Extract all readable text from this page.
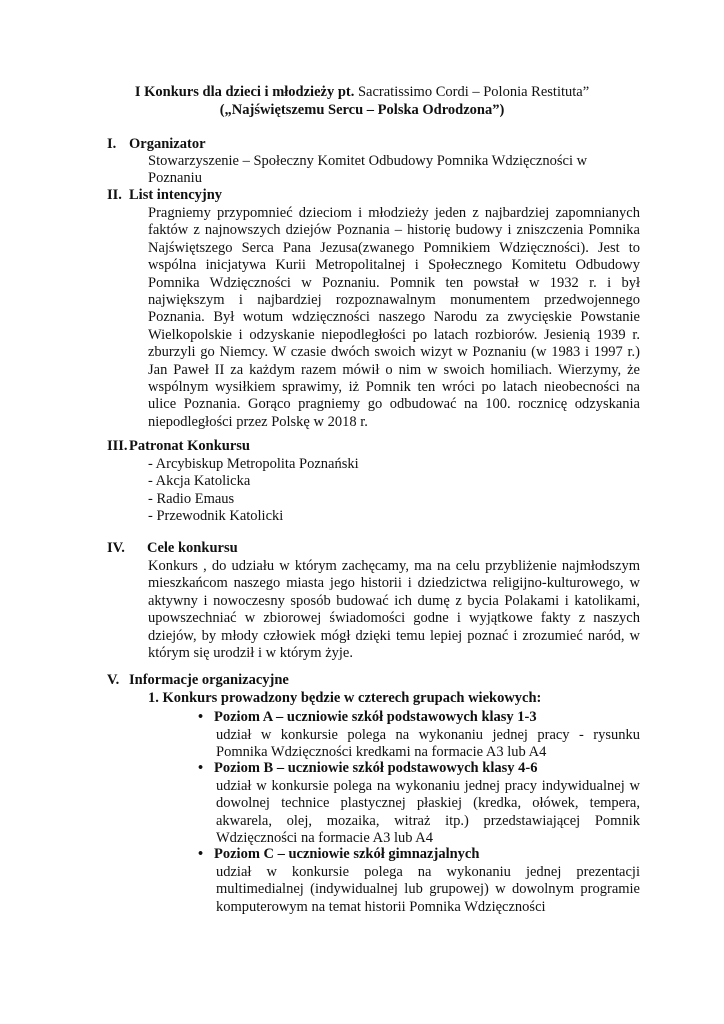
I Konkurs dla dzieci i młodzieży pt. Sacratissimo Cordi – Polonia Restituta”
(„Najświętszemu Sercu – Polska Odrodzona”)
I. Organizator
Stowarzyszenie – Społeczny Komitet Odbudowy Pomnika Wdzięczności w
Poznaniu
II. List intencyjny

Pragniemy przypomnieć dzieciom i młodzieży jeden z najbardziej zapomnianych faktów z najnowszych dziejów Poznania – historię budowy i zniszczenia Pomnika Najświętszego Serca Pana Jezusa(zwanego Pomnikiem Wdzięczności). Jest to wspólna inicjatywa Kurii Metropolitalnej i Społecznego Komitetu Odbudowy Pomnika Wdzięczności w Poznaniu. Pomnik ten powstał w 1932 r. i był największym i najbardziej rozpoznawalnym monumentem przedwojennego Poznania. Był wotum wdzięczności naszego Narodu za zwycięskie Powstanie Wielkopolskie i odzyskanie niepodległości po latach rozbiorów. Jesienią 1939 r. zburzyli go Niemcy. W czasie dwóch swoich wizyt w Poznaniu (w 1983 i 1997 r.) Jan Paweł II za każdym razem mówił o nim w swoich homiliach. Wierzymy, że wspólnym wysiłkiem sprawimy, iż Pomnik ten wróci po latach nieobecności na ulice Poznania. Gorąco pragniemy go odbudować na 100. rocznicę odzyskania niepodległości przez Polskę w 2018 r.

III.Patronat Konkursu
- Arcybiskup Metropolita Poznański
- Akcja Katolicka
- Radio Emaus
- Przewodnik Katolicki
IV. Cele konkursu

Konkurs , do udziału w którym zachęcamy, ma na celu przybliżenie najmłodszym mieszkańcom naszego miasta jego historii i dziedzictwa religijno-kulturowego, w aktywny i nowoczesny sposób budować ich dumę z bycia Polakami i katolikami, upowszechniać w zbiorowej świadomości godne i wyjątkowe fakty z naszych dziejów, by młody człowiek mógł dzięki temu lepiej poznać i zrozumieć naród, w którym się urodził i w którym żyje.

V. Informacje organizacyjne
1. Konkurs prowadzony będzie w czterech grupach wiekowych:
• Poziom A – uczniowie szkół podstawowych klasy 1-3
udział w konkursie polega na wykonaniu jednej pracy - rysunku Pomnika Wdzięczności kredkami na formacie A3 lub A4
• Poziom B – uczniowie szkół podstawowych klasy 4-6
udział w konkursie polega na wykonaniu jednej pracy indywidualnej w dowolnej technice plastycznej płaskiej (kredka, ołówek, tempera, akwarela, olej, mozaika, witraż itp.) przedstawiającej Pomnik Wdzięczności na formacie A3 lub A4
• Poziom C – uczniowie szkół gimnazjalnych
udział w konkursie polega na wykonaniu jednej prezentacji multimedialnej (indywidualnej lub grupowej) w dowolnym programie komputerowym na temat historii Pomnika Wdzięczności
